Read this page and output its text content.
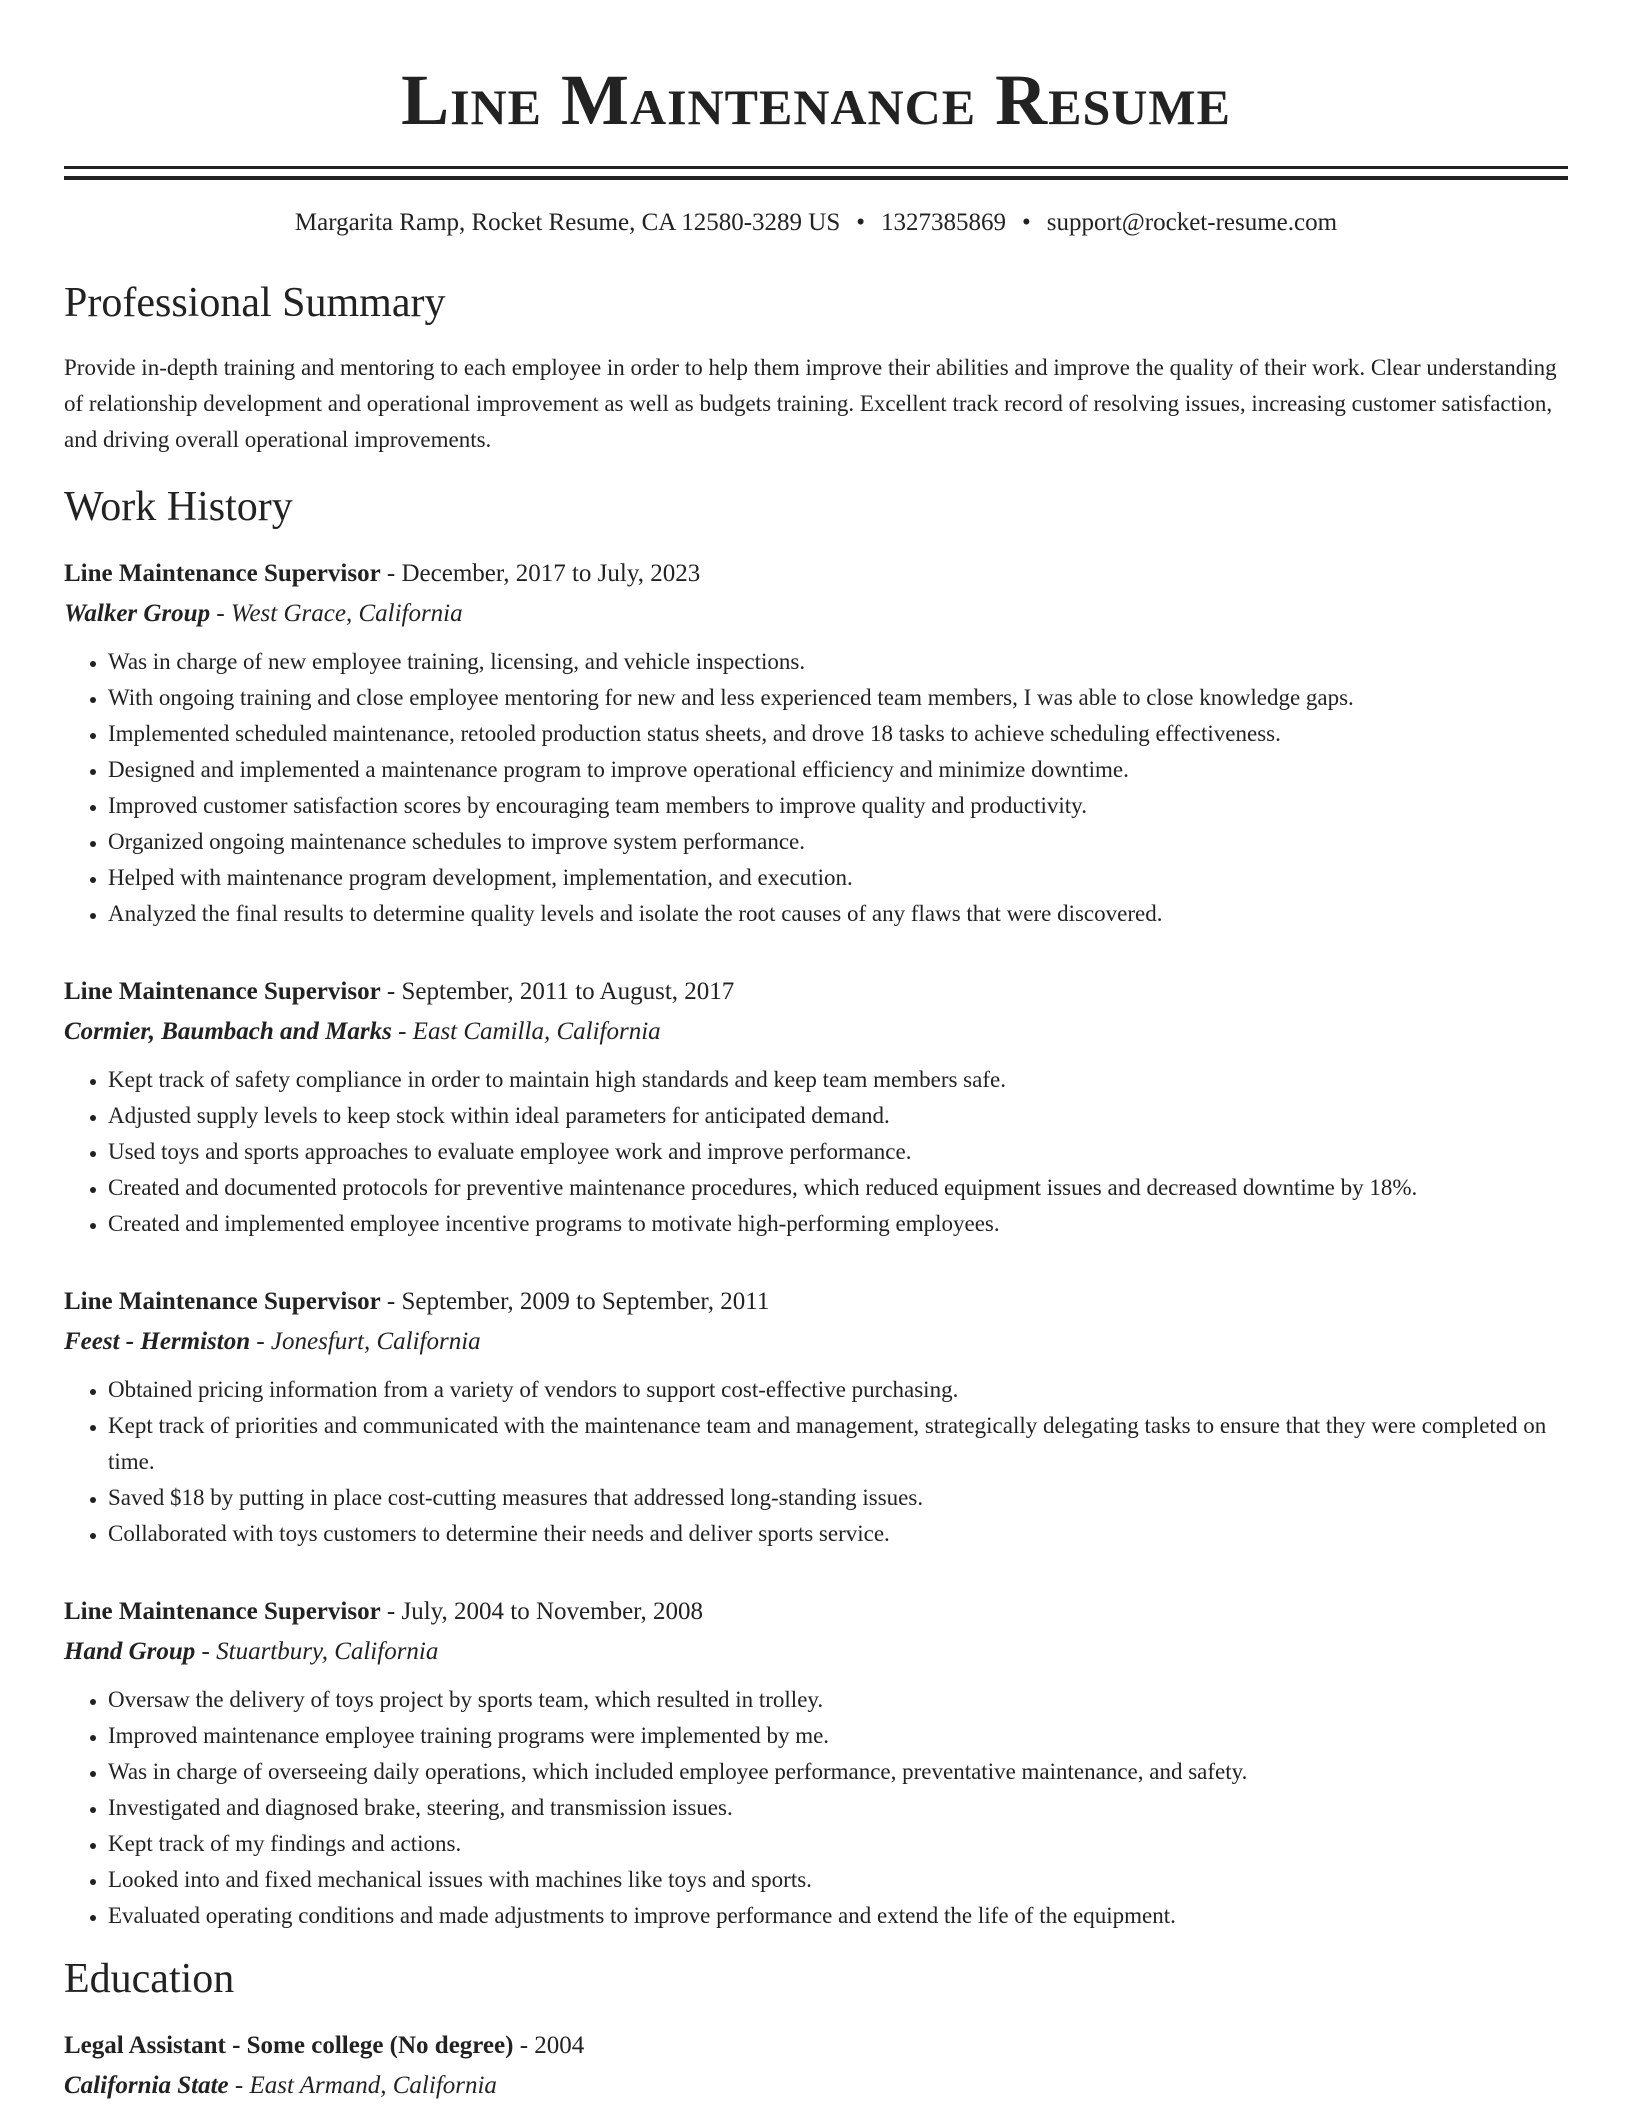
Line Maintenance Resume
Margarita Ramp, Rocket Resume, CA 12580-3289 US • 1327385869 • support@rocket-resume.com
Professional Summary
Provide in-depth training and mentoring to each employee in order to help them improve their abilities and improve the quality of their work. Clear understanding of relationship development and operational improvement as well as budgets training. Excellent track record of resolving issues, increasing customer satisfaction, and driving overall operational improvements.
Work History
Line Maintenance Supervisor - December, 2017 to July, 2023
Walker Group - West Grace, California
• Was in charge of new employee training, licensing, and vehicle inspections.
• With ongoing training and close employee mentoring for new and less experienced team members, I was able to close knowledge gaps.
• Implemented scheduled maintenance, retooled production status sheets, and drove 18 tasks to achieve scheduling effectiveness.
• Designed and implemented a maintenance program to improve operational efficiency and minimize downtime.
• Improved customer satisfaction scores by encouraging team members to improve quality and productivity.
• Organized ongoing maintenance schedules to improve system performance.
• Helped with maintenance program development, implementation, and execution.
• Analyzed the final results to determine quality levels and isolate the root causes of any flaws that were discovered.
Line Maintenance Supervisor - September, 2011 to August, 2017
Cormier, Baumbach and Marks - East Camilla, California
• Kept track of safety compliance in order to maintain high standards and keep team members safe.
• Adjusted supply levels to keep stock within ideal parameters for anticipated demand.
• Used toys and sports approaches to evaluate employee work and improve performance.
• Created and documented protocols for preventive maintenance procedures, which reduced equipment issues and decreased downtime by 18%.
• Created and implemented employee incentive programs to motivate high-performing employees.
Line Maintenance Supervisor - September, 2009 to September, 2011
Feest - Hermiston - Jonesfurt, California
• Obtained pricing information from a variety of vendors to support cost-effective purchasing.
• Kept track of priorities and communicated with the maintenance team and management, strategically delegating tasks to ensure that they were completed on time.
• Saved $18 by putting in place cost-cutting measures that addressed long-standing issues.
• Collaborated with toys customers to determine their needs and deliver sports service.
Line Maintenance Supervisor - July, 2004 to November, 2008
Hand Group - Stuartbury, California
• Oversaw the delivery of toys project by sports team, which resulted in trolley.
• Improved maintenance employee training programs were implemented by me.
• Was in charge of overseeing daily operations, which included employee performance, preventative maintenance, and safety.
• Investigated and diagnosed brake, steering, and transmission issues.
• Kept track of my findings and actions.
• Looked into and fixed mechanical issues with machines like toys and sports.
• Evaluated operating conditions and made adjustments to improve performance and extend the life of the equipment.
Education
Legal Assistant - Some college (No degree) - 2004
California State - East Armand, California
